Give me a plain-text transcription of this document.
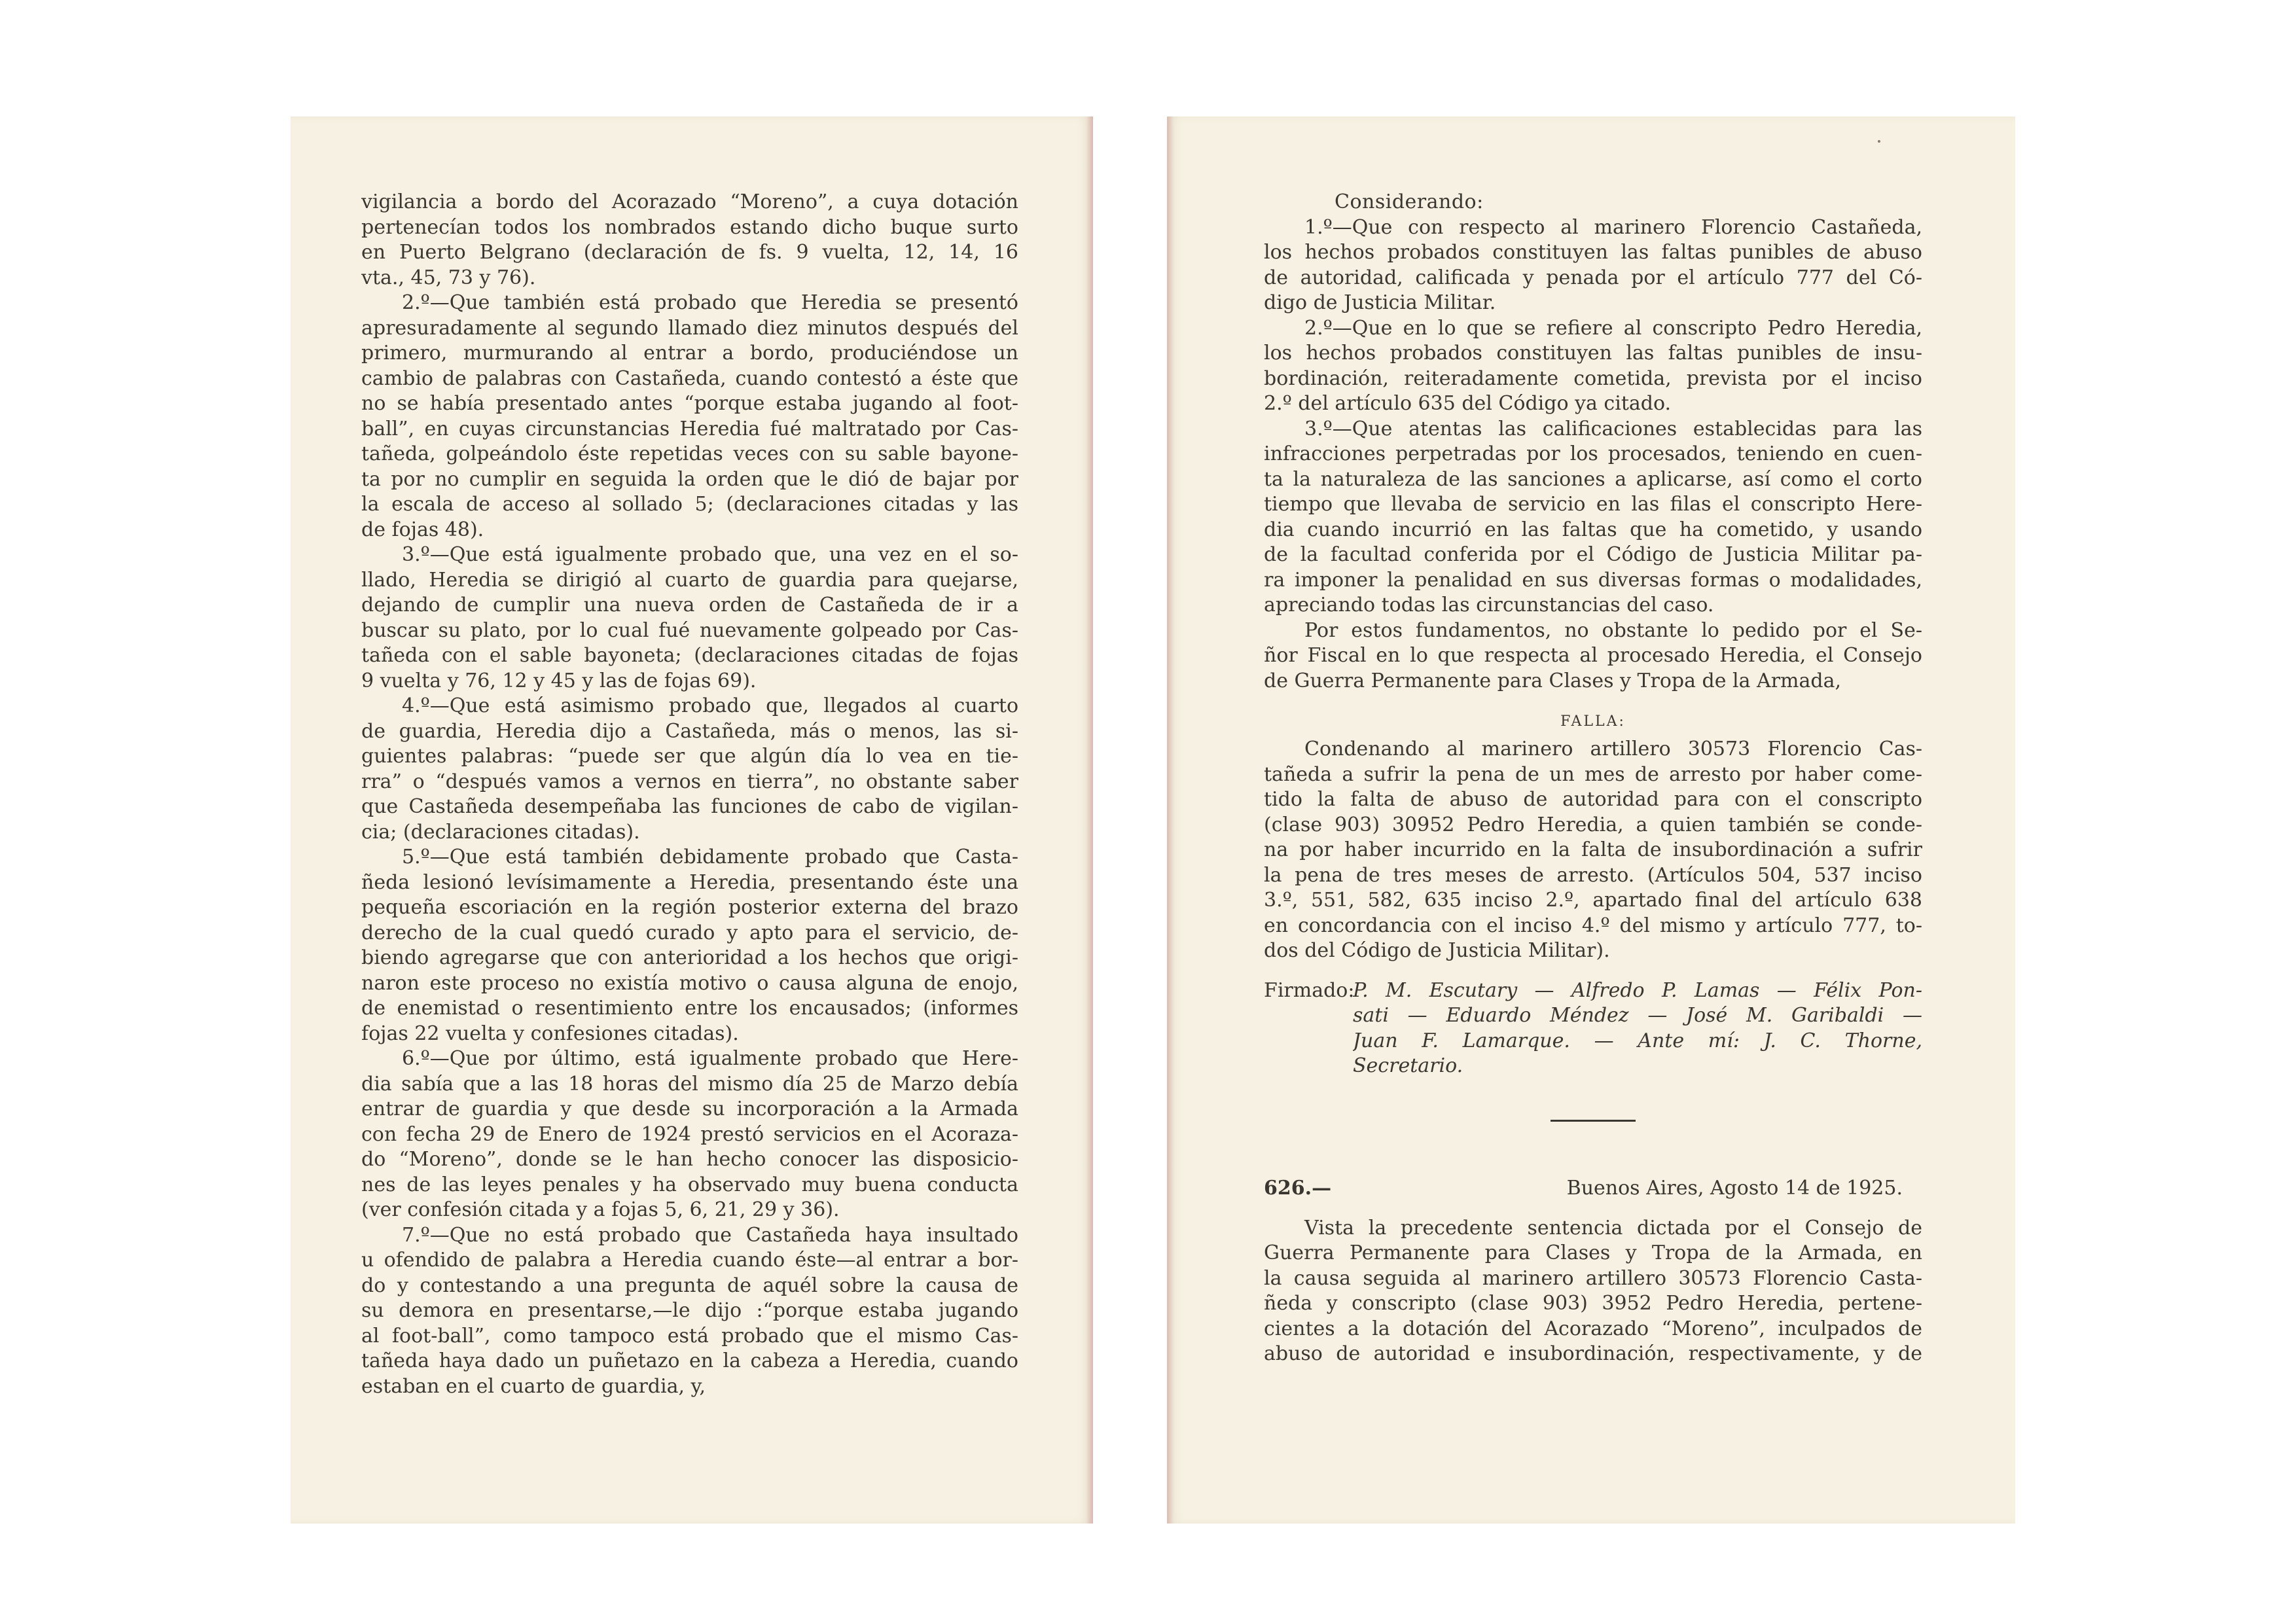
vigilancia a bordo del Acorazado “Moreno”, a cuya dotación
pertenecían todos los nombrados estando dicho buque surto
en Puerto Belgrano (declaración de fs. 9 vuelta, 12, 14, 16
vta., 45, 73 y 76).
2.º—Que también está probado que Heredia se presentó
apresuradamente al segundo llamado diez minutos después del
primero, murmurando al entrar a bordo, produciéndose un
cambio de palabras con Castañeda, cuando contestó a éste que
no se había presentado antes “porque estaba jugando al foot-
ball”, en cuyas circunstancias Heredia fué maltratado por Cas-
tañeda, golpeándolo éste repetidas veces con su sable bayone-
ta por no cumplir en seguida la orden que le dió de bajar por
la escala de acceso al sollado 5; (declaraciones citadas y las
de fojas 48).
3.º—Que está igualmente probado que, una vez en el so-
llado, Heredia se dirigió al cuarto de guardia para quejarse,
dejando de cumplir una nueva orden de Castañeda de ir a
buscar su plato, por lo cual fué nuevamente golpeado por Cas-
tañeda con el sable bayoneta; (declaraciones citadas de fojas
9 vuelta y 76, 12 y 45 y las de fojas 69).
4.º—Que está asimismo probado que, llegados al cuarto
de guardia, Heredia dijo a Castañeda, más o menos, las si-
guientes palabras: “puede ser que algún día lo vea en tie-
rra” o “después vamos a vernos en tierra”, no obstante saber
que Castañeda desempeñaba las funciones de cabo de vigilan-
cia; (declaraciones citadas).
5.º—Que está también debidamente probado que Casta-
ñeda lesionó levísimamente a Heredia, presentando éste una
pequeña escoriación en la región posterior externa del brazo
derecho de la cual quedó curado y apto para el servicio, de-
biendo agregarse que con anterioridad a los hechos que origi-
naron este proceso no existía motivo o causa alguna de enojo,
de enemistad o resentimiento entre los encausados; (informes
fojas 22 vuelta y confesiones citadas).
6.º—Que por último, está igualmente probado que Here-
dia sabía que a las 18 horas del mismo día 25 de Marzo debía
entrar de guardia y que desde su incorporación a la Armada
con fecha 29 de Enero de 1924 prestó servicios en el Acoraza-
do “Moreno”, donde se le han hecho conocer las disposicio-
nes de las leyes penales y ha observado muy buena conducta
(ver confesión citada y a fojas 5, 6, 21, 29 y 36).
7.º—Que no está probado que Castañeda haya insultado
u ofendido de palabra a Heredia cuando éste—al entrar a bor-
do y contestando a una pregunta de aquél sobre la causa de
su demora en presentarse,—le dijo :“porque estaba jugando
al foot-ball”, como tampoco está probado que el mismo Cas-
tañeda haya dado un puñetazo en la cabeza a Heredia, cuando
estaban en el cuarto de guardia, y,
Considerando:
1.º—Que con respecto al marinero Florencio Castañeda,
los hechos probados constituyen las faltas punibles de abuso
de autoridad, calificada y penada por el artículo 777 del Có-
digo de Justicia Militar.
2.º—Que en lo que se refiere al conscripto Pedro Heredia,
los hechos probados constituyen las faltas punibles de insu-
bordinación, reiteradamente cometida, prevista por el inciso
2.º del artículo 635 del Código ya citado.
3.º—Que atentas las calificaciones establecidas para las
infracciones perpetradas por los procesados, teniendo en cuen-
ta la naturaleza de las sanciones a aplicarse, así como el corto
tiempo que llevaba de servicio en las filas el conscripto Here-
dia cuando incurrió en las faltas que ha cometido, y usando
de la facultad conferida por el Código de Justicia Militar pa-
ra imponer la penalidad en sus diversas formas o modalidades,
apreciando todas las circunstancias del caso.
Por estos fundamentos, no obstante lo pedido por el Se-
ñor Fiscal en lo que respecta al procesado Heredia, el Consejo
de Guerra Permanente para Clases y Tropa de la Armada,
FALLA:
Condenando al marinero artillero 30573 Florencio Cas-
tañeda a sufrir la pena de un mes de arresto por haber come-
tido la falta de abuso de autoridad para con el conscripto
(clase 903) 30952 Pedro Heredia, a quien también se conde-
na por haber incurrido en la falta de insubordinación a sufrir
la pena de tres meses de arresto. (Artículos 504, 537 inciso
3.º, 551, 582, 635 inciso 2.º, apartado final del artículo 638
en concordancia con el inciso 4.º del mismo y artículo 777, to-
dos del Código de Justicia Militar).
Firmado:
P. M. Escutary — Alfredo P. Lamas — Félix Pon-
sati — Eduardo Méndez — José M. Garibaldi —
Juan F. Lamarque. — Ante mí: J. C. Thorne,
Secretario.
626.—	Buenos Aires, Agosto 14 de 1925.
Vista la precedente sentencia dictada por el Consejo de
Guerra Permanente para Clases y Tropa de la Armada, en
la causa seguida al marinero artillero 30573 Florencio Casta-
ñeda y conscripto (clase 903) 3952 Pedro Heredia, pertene-
cientes a la dotación del Acorazado “Moreno”, inculpados de
abuso de autoridad e insubordinación, respectivamente, y de
